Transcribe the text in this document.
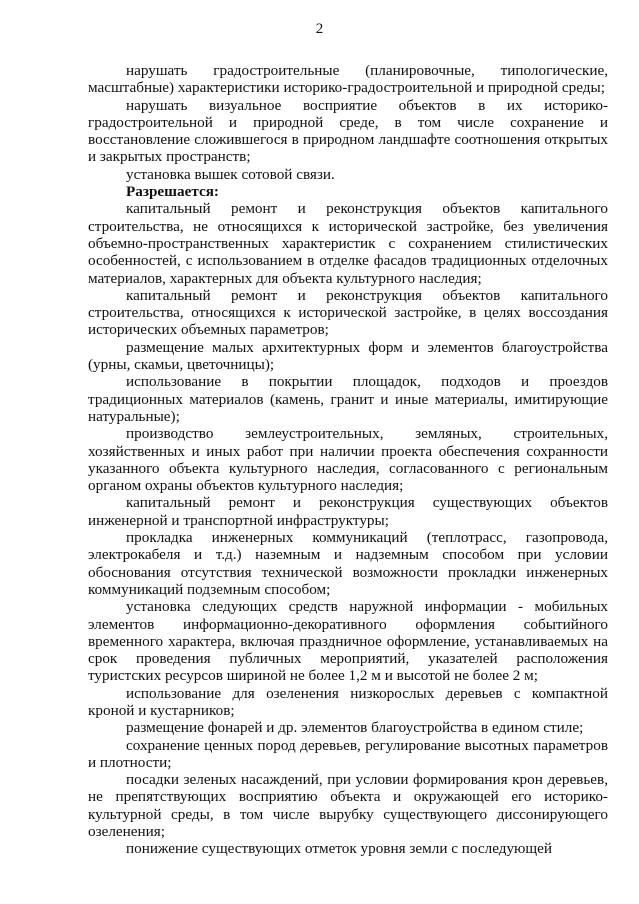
2

нарушать градостроительные (планировочные, типологические, масштабные) характеристики историко-градостроительной и природной среды;

нарушать визуальное восприятие объектов в их историко-градостроительной и природной среде, в том числе сохранение и восстановление сложившегося в природном ландшафте соотношения открытых и закрытых пространств;

установка вышек сотовой связи.

Разрешается:

капитальный ремонт и реконструкция объектов капитального строительства, не относящихся к исторической застройке, без увеличения объемно-пространственных характеристик с сохранением стилистических особенностей, с использованием в отделке фасадов традиционных отделочных материалов, характерных для объекта культурного наследия;

капитальный ремонт и реконструкция объектов капитального строительства, относящихся к исторической застройке, в целях воссоздания исторических объемных параметров;

размещение малых архитектурных форм и элементов благоустройства (урны, скамьи, цветочницы);

использование в покрытии площадок, подходов и проездов традиционных материалов (камень, гранит и иные материалы, имитирующие натуральные);

производство землеустроительных, земляных, строительных, хозяйственных и иных работ при наличии проекта обеспечения сохранности указанного объекта культурного наследия, согласованного с региональным органом охраны объектов культурного наследия;

капитальный ремонт и реконструкция существующих объектов инженерной и транспортной инфраструктуры;

прокладка инженерных коммуникаций (теплотрасс, газопровода, электрокабеля и т.д.) наземным и надземным способом при условии обоснования отсутствия технической возможности прокладки инженерных коммуникаций подземным способом;

установка следующих средств наружной информации - мобильных элементов информационно-декоративного оформления событийного временного характера, включая праздничное оформление, устанавливаемых на срок проведения публичных мероприятий, указателей расположения туристских ресурсов шириной не более 1,2 м и высотой не более 2 м;

использование для озеленения низкорослых деревьев с компактной кроной и кустарников;

размещение фонарей и др. элементов благоустройства в едином стиле;

сохранение ценных пород деревьев, регулирование высотных параметров и плотности;

посадки зеленых насаждений, при условии формирования крон деревьев, не препятствующих восприятию объекта и окружающей его историко-культурной среды, в том числе вырубку существующего диссонирующего озеленения;

понижение существующих отметок уровня земли с последующей
